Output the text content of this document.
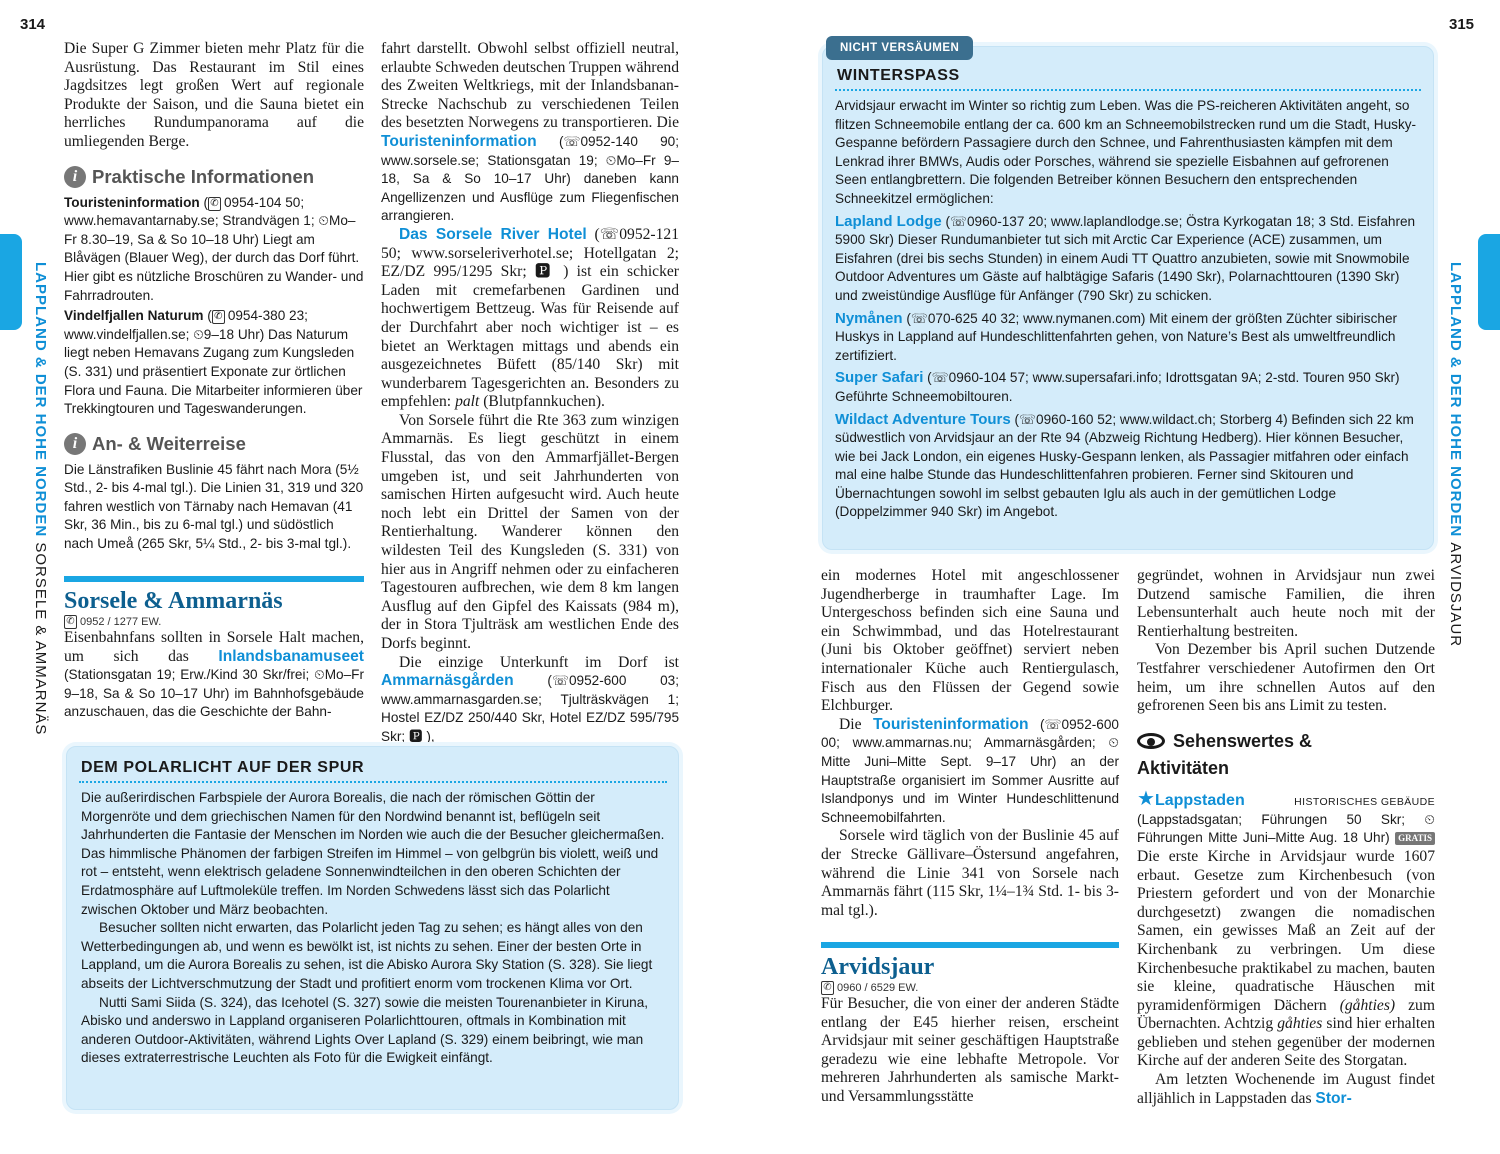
314	315
LAPPLAND & DER HOHE NORDEN SORSELE & AMMARNÄS
LAPPLAND & DER HOHE NORDEN ARVIDSJAUR

Die Super G Zimmer bieten mehr Platz für die Ausrüstung. Das Restaurant im Stil eines Jagdsitzes legt großen Wert auf regionale Produkte der Saison, und die Sauna bietet ein herrliches Rundumpanorama auf die umliegenden Berge.

i Praktische Informationen

Touristeninformation ( ✆ 0954-104 50; www.hemavantarnaby.se; Strandvägen 1; ⏲Mo–Fr 8.30–19, Sa & So 10–18 Uhr) Liegt am Blåvägen (Blauer Weg), der durch das Dorf führt. Hier gibt es nützliche Broschüren zu Wander- und Fahrradrouten.

Vindelfjallen Naturum ( ✆ 0954-380 23; www.vindelfjallen.se; ⏲9–18 Uhr) Das Naturum liegt neben Hemavans Zugang zum Kungsleden (S. 331) und präsentiert Exponate zur örtlichen Flora und Fauna. Die Mitarbeiter informieren über Trekkingtouren und Tageswanderungen.

i An- & Weiterreise

Die Länstrafiken Buslinie 45 fährt nach Mora (5½ Std., 2- bis 4-mal tgl.). Die Linien 31, 319 und 320 fahren westlich von Tärnaby nach Hemavan (41 Skr, 36 Min., bis zu 6-mal tgl.) und südöstlich nach Umeå (265 Skr, 5¼ Std., 2- bis 3-mal tgl.).

Sorsele & Ammarnäs
✆ 0952 / 1277 EW.

Eisenbahnfans sollten in Sorsele Halt machen, um sich das Inlandsbanamuseet (Stationsgatan 19; Erw./Kind 30 Skr/frei; ⏲Mo–Fr 9–18, Sa & So 10–17 Uhr) im Bahnhofsgebäude anzuschauen, das die Geschichte der Bahn-

fahrt darstellt. Obwohl selbst offiziell neutral, erlaubte Schweden deutschen Truppen während des Zweiten Weltkriegs, mit der Inlandsbanan-Strecke Nachschub zu verschiedenen Teilen des besetzten Norwegens zu transportieren. Die Touristeninformation (☏0952-140 90; www.sorsele.se; Stationsgatan 19; ⏲Mo–Fr 9–18, Sa & So 10–17 Uhr) daneben kann Angellizenzen und Ausflüge zum Fliegenfischen arrangieren.

Das Sorsele River Hotel (☏0952-121 50; www.sorseleriverhotel.se; Hotellgatan 2; EZ/DZ 995/1295 Skr; 🅿︎ ) ist ein schicker Laden mit cremefarbenen Gardinen und hochwertigem Bettzeug. Was für Reisende auf der Durchfahrt aber noch wichtiger ist – es bietet an Werktagen mittags und abends ein ausgezeichnetes Büfett (85/140 Skr) mit wunderbarem Tagesgerichten an. Besonders zu empfehlen: palt (Blutpfannkuchen).

Von Sorsele führt die Rte 363 zum winzigen Ammarnäs. Es liegt geschützt in einem Flusstal, das von den Ammarfjället-Bergen umgeben ist, und seit Jahrhunderten von samischen Hirten aufgesucht wird. Auch heute noch lebt ein Drittel der Samen von der Rentierhaltung. Wanderer können den wildesten Teil des Kungsleden (S. 331) von hier aus in Angriff nehmen oder zu einfacheren Tagestouren aufbrechen, wie dem 8 km langen Ausflug auf den Gipfel des Kaissats (984 m), der in Stora Tjulträsk am westlichen Ende des Dorfs beginnt.

Die einzige Unterkunft im Dorf ist Ammarnäsgården (☏0952-600 03; www.ammarnasgarden.se; Tjulträskvägen 1; Hostel EZ/DZ 250/440 Skr, Hotel EZ/DZ 595/795 Skr; 🅿︎ ),

DEM POLARLICHT AUF DER SPUR

Die außerirdischen Farbspiele der Aurora Borealis, die nach der römischen Göttin der Morgenröte und dem griechischen Namen für den Nordwind benannt ist, beflügeln seit Jahrhunderten die Fantasie der Menschen im Norden wie auch die der Besucher gleichermaßen. Das himmlische Phänomen der farbigen Streifen im Himmel – von gelbgrün bis violett, weiß und rot – entsteht, wenn elektrisch geladene Sonnenwindteilchen in den oberen Schichten der Erdatmosphäre auf Luftmoleküle treffen. Im Norden Schwedens lässt sich das Polarlicht zwischen Oktober und März beobachten.

Besucher sollten nicht erwarten, das Polarlicht jeden Tag zu sehen; es hängt alles von den Wetterbedingungen ab, und wenn es bewölkt ist, ist nichts zu sehen. Einer der besten Orte in Lappland, um die Aurora Borealis zu sehen, ist die Abisko Aurora Sky Station (S. 328). Sie liegt abseits der Lichtverschmutzung der Stadt und profitiert enorm vom trockenen Klima vor Ort.

Nutti Sami Siida (S. 324), das Icehotel (S. 327) sowie die meisten Tourenanbieter in Kiruna, Abisko und anderswo in Lappland organiseren Polarlichttouren, oftmals in Kombination mit anderen Outdoor-Aktivitäten, während Lights Over Lapland (S. 329) einem beibringt, wie man dieses extraterrestrische Leuchten als Foto für die Ewigkeit einfängt.

WINTERSPASS

Arvidsjaur erwacht im Winter so richtig zum Leben. Was die PS-reicheren Aktivitäten angeht, so flitzen Schneemobile entlang der ca. 600 km an Schneemobilstrecken rund um die Stadt, Husky-Gespanne befördern Passagiere durch den Schnee, und Fahrenthusiasten kämpfen mit dem Lenkrad ihrer BMWs, Audis oder Porsches, während sie spezielle Eisbahnen auf gefrorenen Seen entlangbrettern. Die folgenden Betreiber können Besuchern den entsprechenden Schneekitzel ermöglichen:

Lapland Lodge (☏0960-137 20; www.laplandlodge.se; Östra Kyrkogatan 18; 3 Std. Eisfahren 5900 Skr) Dieser Rundumanbieter tut sich mit Arctic Car Experience (ACE) zusammen, um Eisfahren (drei bis sechs Stunden) in einem Audi TT Quattro anzubieten, sowie mit Snowmobile Outdoor Adventures um Gäste auf halbtägige Safaris (1490 Skr), Polarnachttouren (1390 Skr) und zweistündige Ausflüge für Anfänger (790 Skr) zu schicken.

Nymånen (☏070-625 40 32; www.nymanen.com) Mit einem der größten Züchter sibirischer Huskys in Lappland auf Hundeschlittenfahrten gehen, von Nature’s Best als umweltfreundlich zertifiziert.

Super Safari (☏0960-104 57; www.supersafari.info; Idrottsgatan 9A; 2-std. Touren 950 Skr) Geführte Schneemobiltouren.

Wildact Adventure Tours (☏0960-160 52; www.wildact.ch; Storberg 4) Befinden sich 22 km südwestlich von Arvidsjaur an der Rte 94 (Abzweig Richtung Hedberg). Hier können Besucher, wie bei Jack London, ein eigenes Husky-Gespann lenken, als Passagier mitfahren oder einfach mal eine halbe Stunde das Hundeschlittenfahren probieren. Ferner sind Skitouren und Übernachtungen sowohl im selbst gebauten Iglu als auch in der gemütlichen Lodge (Doppelzimmer 940 Skr) im Angebot.

NICHT VERSÄUMEN

ein modernes Hotel mit angeschlossener Jugendherberge in traumhafter Lage. Im Untergeschoss befinden sich eine Sauna und ein Schwimmbad, und das Hotelrestaurant (Juni bis Oktober geöffnet) serviert neben internationaler Küche auch Rentiergulasch, Fisch aus den Flüssen der Gegend sowie Elchburger.

Die Touristeninformation (☏0952-600 00; www.ammarnas.nu; Ammarnäsgården; ⏲Mitte Juni–Mitte Sept. 9–17 Uhr) an der Hauptstraße organisiert im Sommer Ausritte auf Islandponys und im Winter Hundeschlittenund Schneemobilfahrten.

Sorsele wird täglich von der Buslinie 45 auf der Strecke Gällivare–Östersund angefahren, während die Linie 341 von Sorsele nach Ammarnäs fährt (115 Skr, 1¼–1¾ Std. 1- bis 3-mal tgl.).

Arvidsjaur
✆ 0960 / 6529 EW.

Für Besucher, die von einer der anderen Städte entlang der E45 hierher reisen, erscheint Arvidsjaur mit seiner geschäftigen Hauptstraße geradezu wie eine lebhafte Metropole. Vor mehreren Jahrhunderten als samische Markt- und Versammlungsstätte

gegründet, wohnen in Arvidsjaur nun zwei Dutzend samische Familien, die ihren Lebensunterhalt auch heute noch mit der Rentierhaltung bestreiten.

Von Dezember bis April suchen Dutzende Testfahrer verschiedener Autofirmen den Ort heim, um ihre schnellen Autos auf den gefrorenen Seen bis ans Limit zu testen.

Sehenswertes &
Aktivitäten
★Lappstaden	HISTORISCHES GEBÄUDE

(Lappstadsgatan; Führungen 50 Skr; ⏲Führungen Mitte Juni–Mitte Aug. 18 Uhr) GRATIS Die erste Kirche in Arvidsjaur wurde 1607 erbaut. Gesetze zum Kirchenbesuch (von Priestern gefordert und von der Monarchie durchgesetzt) zwangen die nomadischen Samen, ein gewisses Maß an Zeit auf der Kirchenbank zu verbringen. Um diese Kirchenbesuche praktikabel zu machen, bauten sie kleine, quadratische Häuschen mit pyramidenförmigen Dächern (gåhties) zum Übernachten. Achtzig gåhties sind hier erhalten geblieben und stehen gegenüber der modernen Kirche auf der anderen Seite des Storgatan.

Am letzten Wochenende im August findet alljählich in Lappstaden das Stor-
